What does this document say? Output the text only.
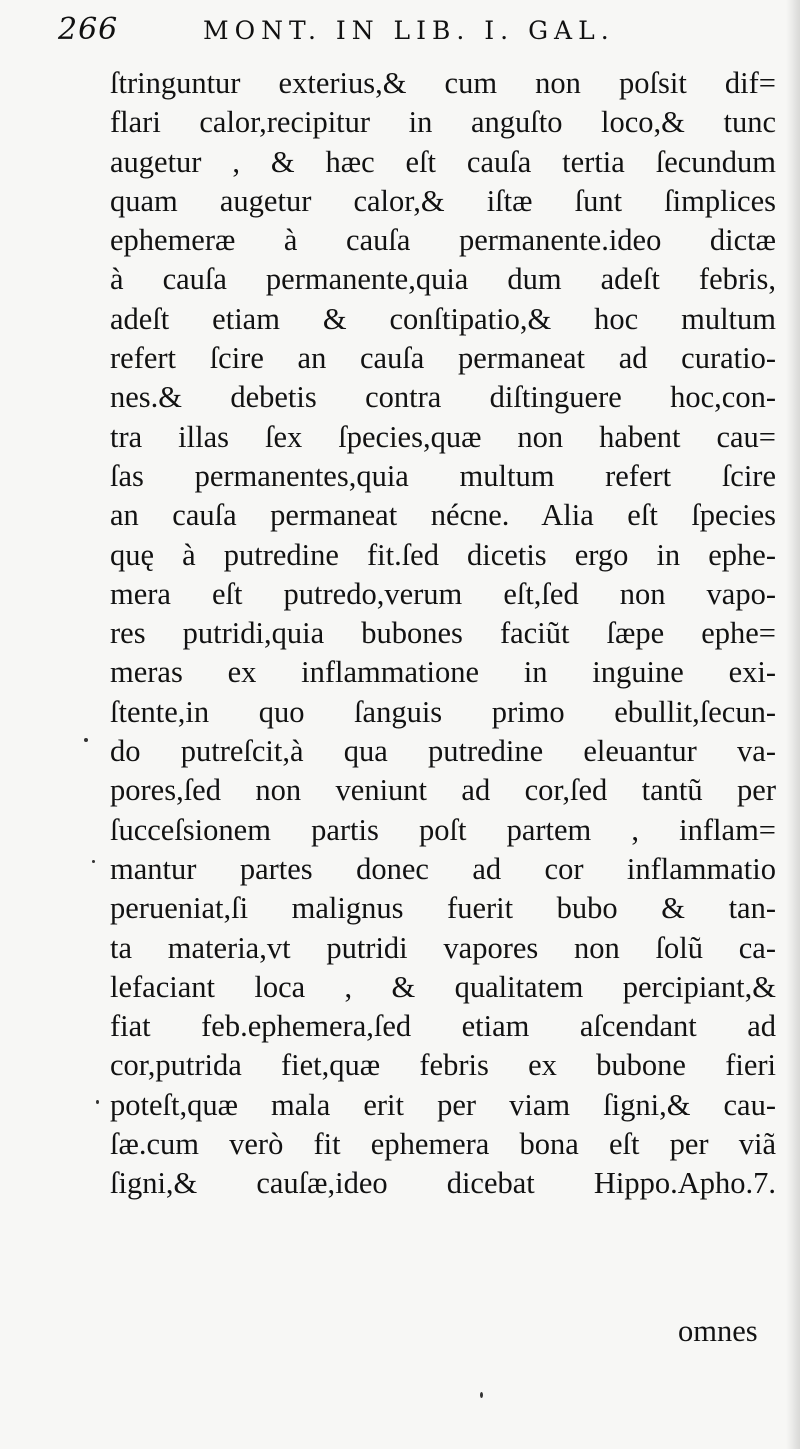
266	MONT. IN LIB. I. GAL.
ſtringuntur exterius,& cum non poſsit dif=
flari calor,recipitur in anguſto loco,& tunc
augetur , & hæc eſt cauſa tertia ſecundum
quam augetur calor,& iſtæ ſunt ſimplices
ephemeræ à cauſa permanente.ideo dictæ
à cauſa permanente,quia dum adeſt febris,
adeſt etiam & conſtipatio,& hoc multum
refert ſcire an cauſa permaneat ad curatio-
nes.& debetis contra diſtinguere hoc,con-
tra illas ſex ſpecies,quæ non habent cau=
ſas permanentes,quia multum refert ſcire
an cauſa permaneat nécne. Alia eſt ſpecies
quę à putredine fit.ſed dicetis ergo in ephe-
mera eſt putredo,verum eſt,ſed non vapo-
res putridi,quia bubones faciũt ſæpe ephe=
meras ex inflammatione in inguine exi-
ſtente,in quo ſanguis primo ebullit,ſecun-
do putreſcit,à qua putredine eleuantur va-
pores,ſed non veniunt ad cor,ſed tantũ per
ſucceſsionem partis poſt partem , inflam=
mantur partes donec ad cor inflammatio
perueniat,ſi malignus fuerit bubo & tan-
ta materia,vt putridi vapores non ſolũ ca-
lefaciant loca , & qualitatem percipiant,&
fiat feb.ephemera,ſed etiam aſcendant ad
cor,putrida fiet,quæ febris ex bubone fieri
poteſt,quæ mala erit per viam ſigni,& cau-
ſæ.cum verò fit ephemera bona eſt per viã
ſigni,& cauſæ,ideo dicebat Hippo.Apho.7.
omnes
